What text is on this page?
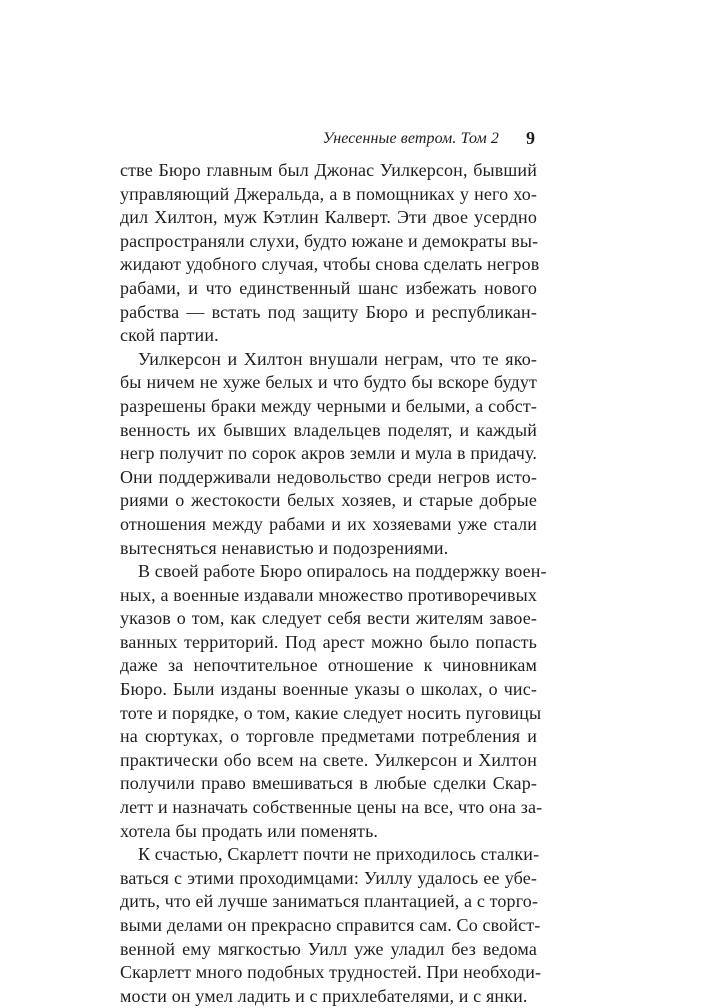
Унесенные ветром. Том 2 9
стве Бюро главным был Джонас Уилкерсон, бывший
управляющий Джеральда, а в помощниках у него хо-
дил Хилтон, муж Кэтлин Калверт. Эти двое усердно
распространяли слухи, будто южане и демократы вы-
жидают удобного случая, чтобы снова сделать негров
рабами, и что единственный шанс избежать нового
рабства — встать под защиту Бюро и республикан-
ской партии.
Уилкерсон и Хилтон внушали неграм, что те яко-
бы ничем не хуже белых и что будто бы вскоре будут
разрешены браки между черными и белыми, а собст-
венность их бывших владельцев поделят, и каждый
негр получит по сорок акров земли и мула в придачу.
Они поддерживали недовольство среди негров исто-
риями о жестокости белых хозяев, и старые добрые
отношения между рабами и их хозяевами уже стали
вытесняться ненавистью и подозрениями.
В своей работе Бюро опиралось на поддержку воен-
ных, а военные издавали множество противоречивых
указов о том, как следует себя вести жителям завое-
ванных территорий. Под арест можно было попасть
даже за непочтительное отношение к чиновникам
Бюро. Были изданы военные указы о школах, о чис-
тоте и порядке, о том, какие следует носить пуговицы
на сюртуках, о торговле предметами потребления и
практически обо всем на свете. Уилкерсон и Хилтон
получили право вмешиваться в любые сделки Скар-
летт и назначать собственные цены на все, что она за-
хотела бы продать или поменять.
К счастью, Скарлетт почти не приходилось сталки-
ваться с этими проходимцами: Уиллу удалось ее убе-
дить, что ей лучше заниматься плантацией, а с торго-
выми делами он прекрасно справится сам. Со свойст-
венной ему мягкостью Уилл уже уладил без ведома
Скарлетт много подобных трудностей. При необходи-
мости он умел ладить и с прихлебателями, и с янки.
